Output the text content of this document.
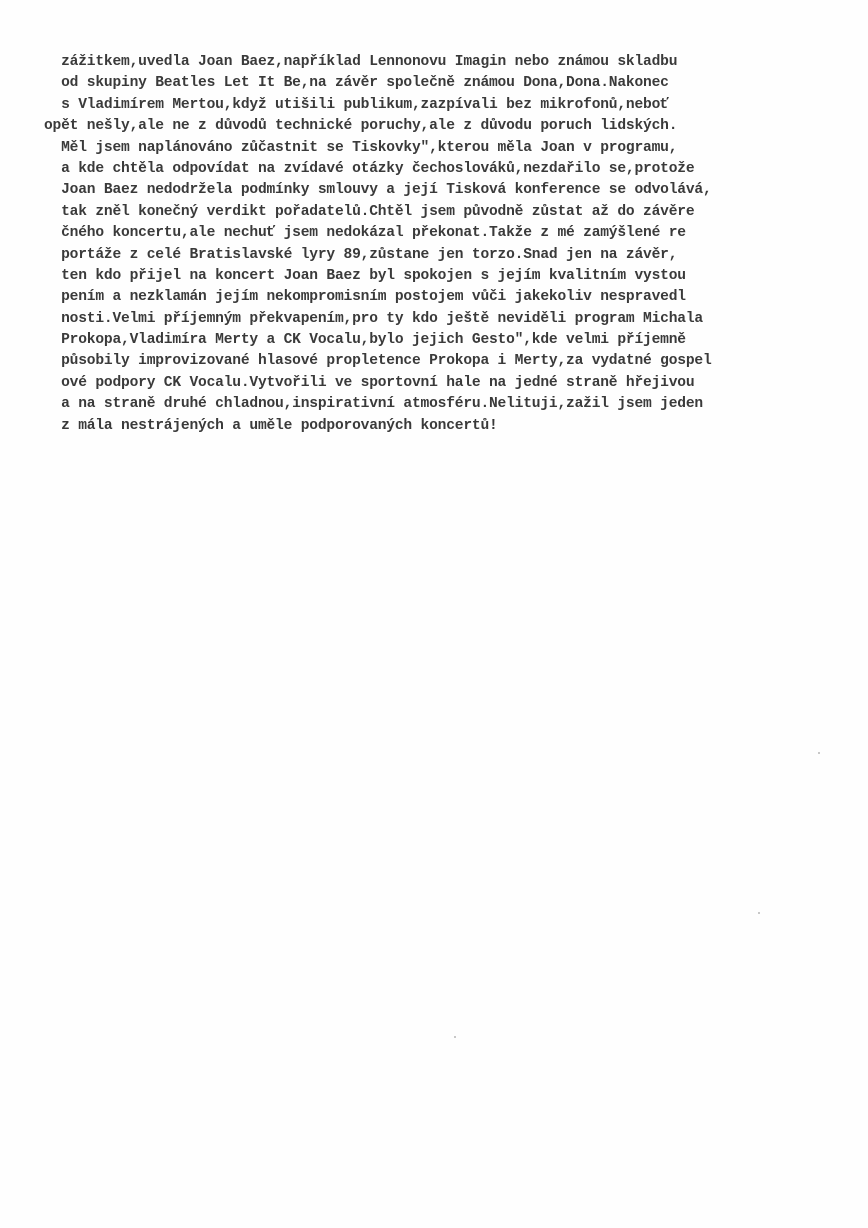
zážitkem,uvedla Joan Baez,například Lennonovu Imagin nebo známou skladbu
od skupiny Beatles Let It Be,na závěr společně známou Dona,Dona.Nakonec
s Vladimírem Mertou,když utišili publikum,zazpívali bez mikrofonů,neboť
opět nešly,ale ne z důvodů technické poruchy,ale z důvodu poruch lidských.
Měl jsem naplánováno zůčastnit se Tiskovky",kterou měla Joan v programu,
a kde chtěla odpovídat na zvídavé otázky čechoslováků,nezdařilo se,protože
Joan Baez nedodržela podmínky smlouvy a její Tisková konference se odvolává,
tak zněl konečný verdikt pořadatelů.Chtěl jsem původně zůstat až do závěre
čného koncertu,ale nechuť jsem nedokázal překonat.Takže z mé zamýšlené re
portáže z celé Bratislavské lyry 89,zůstane jen torzo.Snad jen na závěr,
ten kdo přijel na koncert Joan Baez byl spokojen s jejím kvalitním vystou
pením a nezklamán jejím nekompromisním postojem vůči jakekoliv nespravedl
nosti.Velmi příjemným překvapením,pro ty kdo ještě neviděli program Michala
Prokopa,Vladimíra Merty a CK Vocalu,bylo jejich Gesto",kde velmi příjemně
působily improvizované hlasové propletence Prokopa i Merty,za vydatné gospel
ové podpory CK Vocalu.Vytvořili ve sportovní hale na jedné straně hřejivou
a na straně druhé chladnou,inspirativní atmosféru.Nelituji,zažil jsem jeden
z mála nestrájených a uměle podporovaných koncertů!
